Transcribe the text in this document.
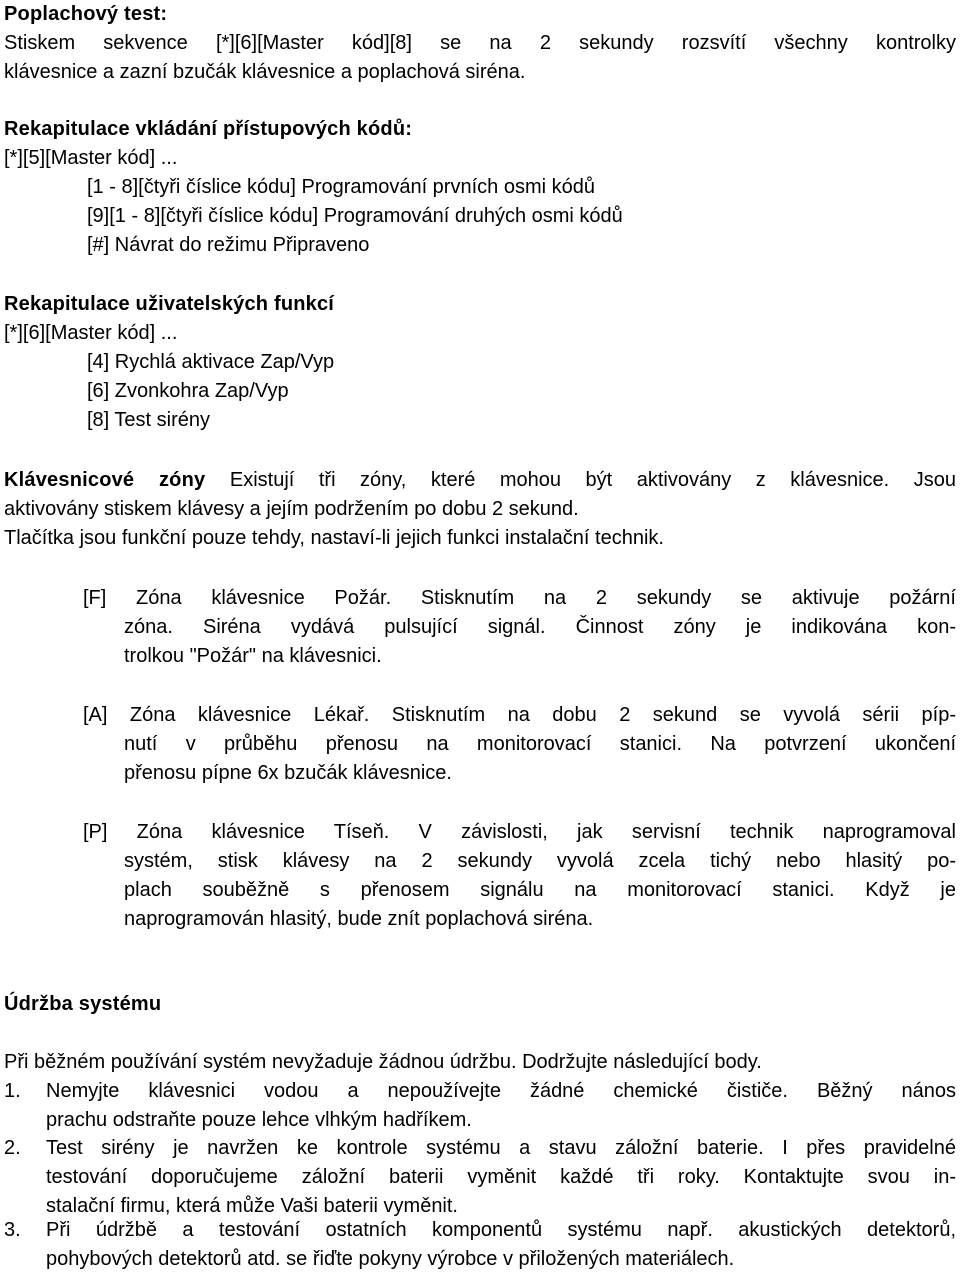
Poplachový test:
Stiskem sekvence [*][6][Master kód][8] se na 2 sekundy rozsvítí všechny kontrolky
klávesnice a zazní bzučák klávesnice a poplachová siréna.
Rekapitulace vkládání přístupových kódů:
[*][5][Master kód] ...
[1 - 8][čtyři číslice kódu] Programování prvních osmi kódů
[9][1 - 8][čtyři číslice kódu] Programování druhých osmi kódů
[#] Návrat do režimu Připraveno
Rekapitulace uživatelských funkcí
[*][6][Master kód] ...
[4] Rychlá aktivace Zap/Vyp
[6] Zvonkohra Zap/Vyp
[8] Test sirény
Klávesnicové zóny Existují tři zóny, které mohou být aktivovány z klávesnice. Jsou
aktivovány stiskem klávesy a jejím podržením po dobu 2 sekund.
Tlačítka jsou funkční pouze tehdy, nastaví-li jejich funkci instalační technik.
[F] Zóna klávesnice Požár. Stisknutím na 2 sekundy se aktivuje požární
zóna. Siréna vydává pulsující signál. Činnost zóny je indikována kon-
trolkou "Požár" na klávesnici.
[A] Zóna klávesnice Lékař. Stisknutím na dobu 2 sekund se vyvolá sérii píp-
nutí v průběhu přenosu na monitorovací stanici. Na potvrzení ukončení
přenosu pípne 6x bzučák klávesnice.
[P] Zóna klávesnice Tíseň. V závislosti, jak servisní technik naprogramoval
systém, stisk klávesy na 2 sekundy vyvolá zcela tichý nebo hlasitý po-
plach souběžně s přenosem signálu na monitorovací stanici. Když je
naprogramován hlasitý, bude znít poplachová siréna.
Údržba systému
Při běžném používání systém nevyžaduje žádnou údržbu. Dodržujte následující body.
1.	Nemyjte klávesnici vodou a nepoužívejte žádné chemické čističe. Běžný nános
prachu odstraňte pouze lehce vlhkým hadříkem.
2.	Test sirény je navržen ke kontrole systému a stavu záložní baterie. I přes pravidelné
testování doporučujeme záložní baterii vyměnit každé tři roky. Kontaktujte svou in-
stalační firmu, která může Vaši baterii vyměnit.
3.	Při údržbě a testování ostatních komponentů systému např. akustických detektorů,
pohybových detektorů atd. se řiďte pokyny výrobce v přiložených materiálech.
